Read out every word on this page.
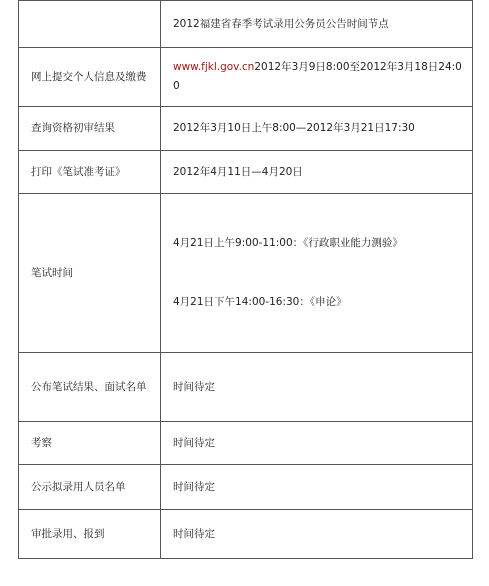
	2012福建省春季考试录用公务员公告时间节点

网上提交个人信息及缴费	www.fjkl.gov.cn2012年3月9日8:00至2012年3月18日24:00
查询资格初审结果	2012年3月10日上午8:00—2012年3月21日17:30
打印《笔试准考证》	2012年4月11日—4月20日
笔试时间	4月21日上午9:00-11:00：《行政职业能力测验》
4月21日下午14:00-16:30：《申论》

公布笔试结果、面试名单	时间待定
考察	时间待定
公示拟录用人员名单	时间待定
审批录用、报到	时间待定
